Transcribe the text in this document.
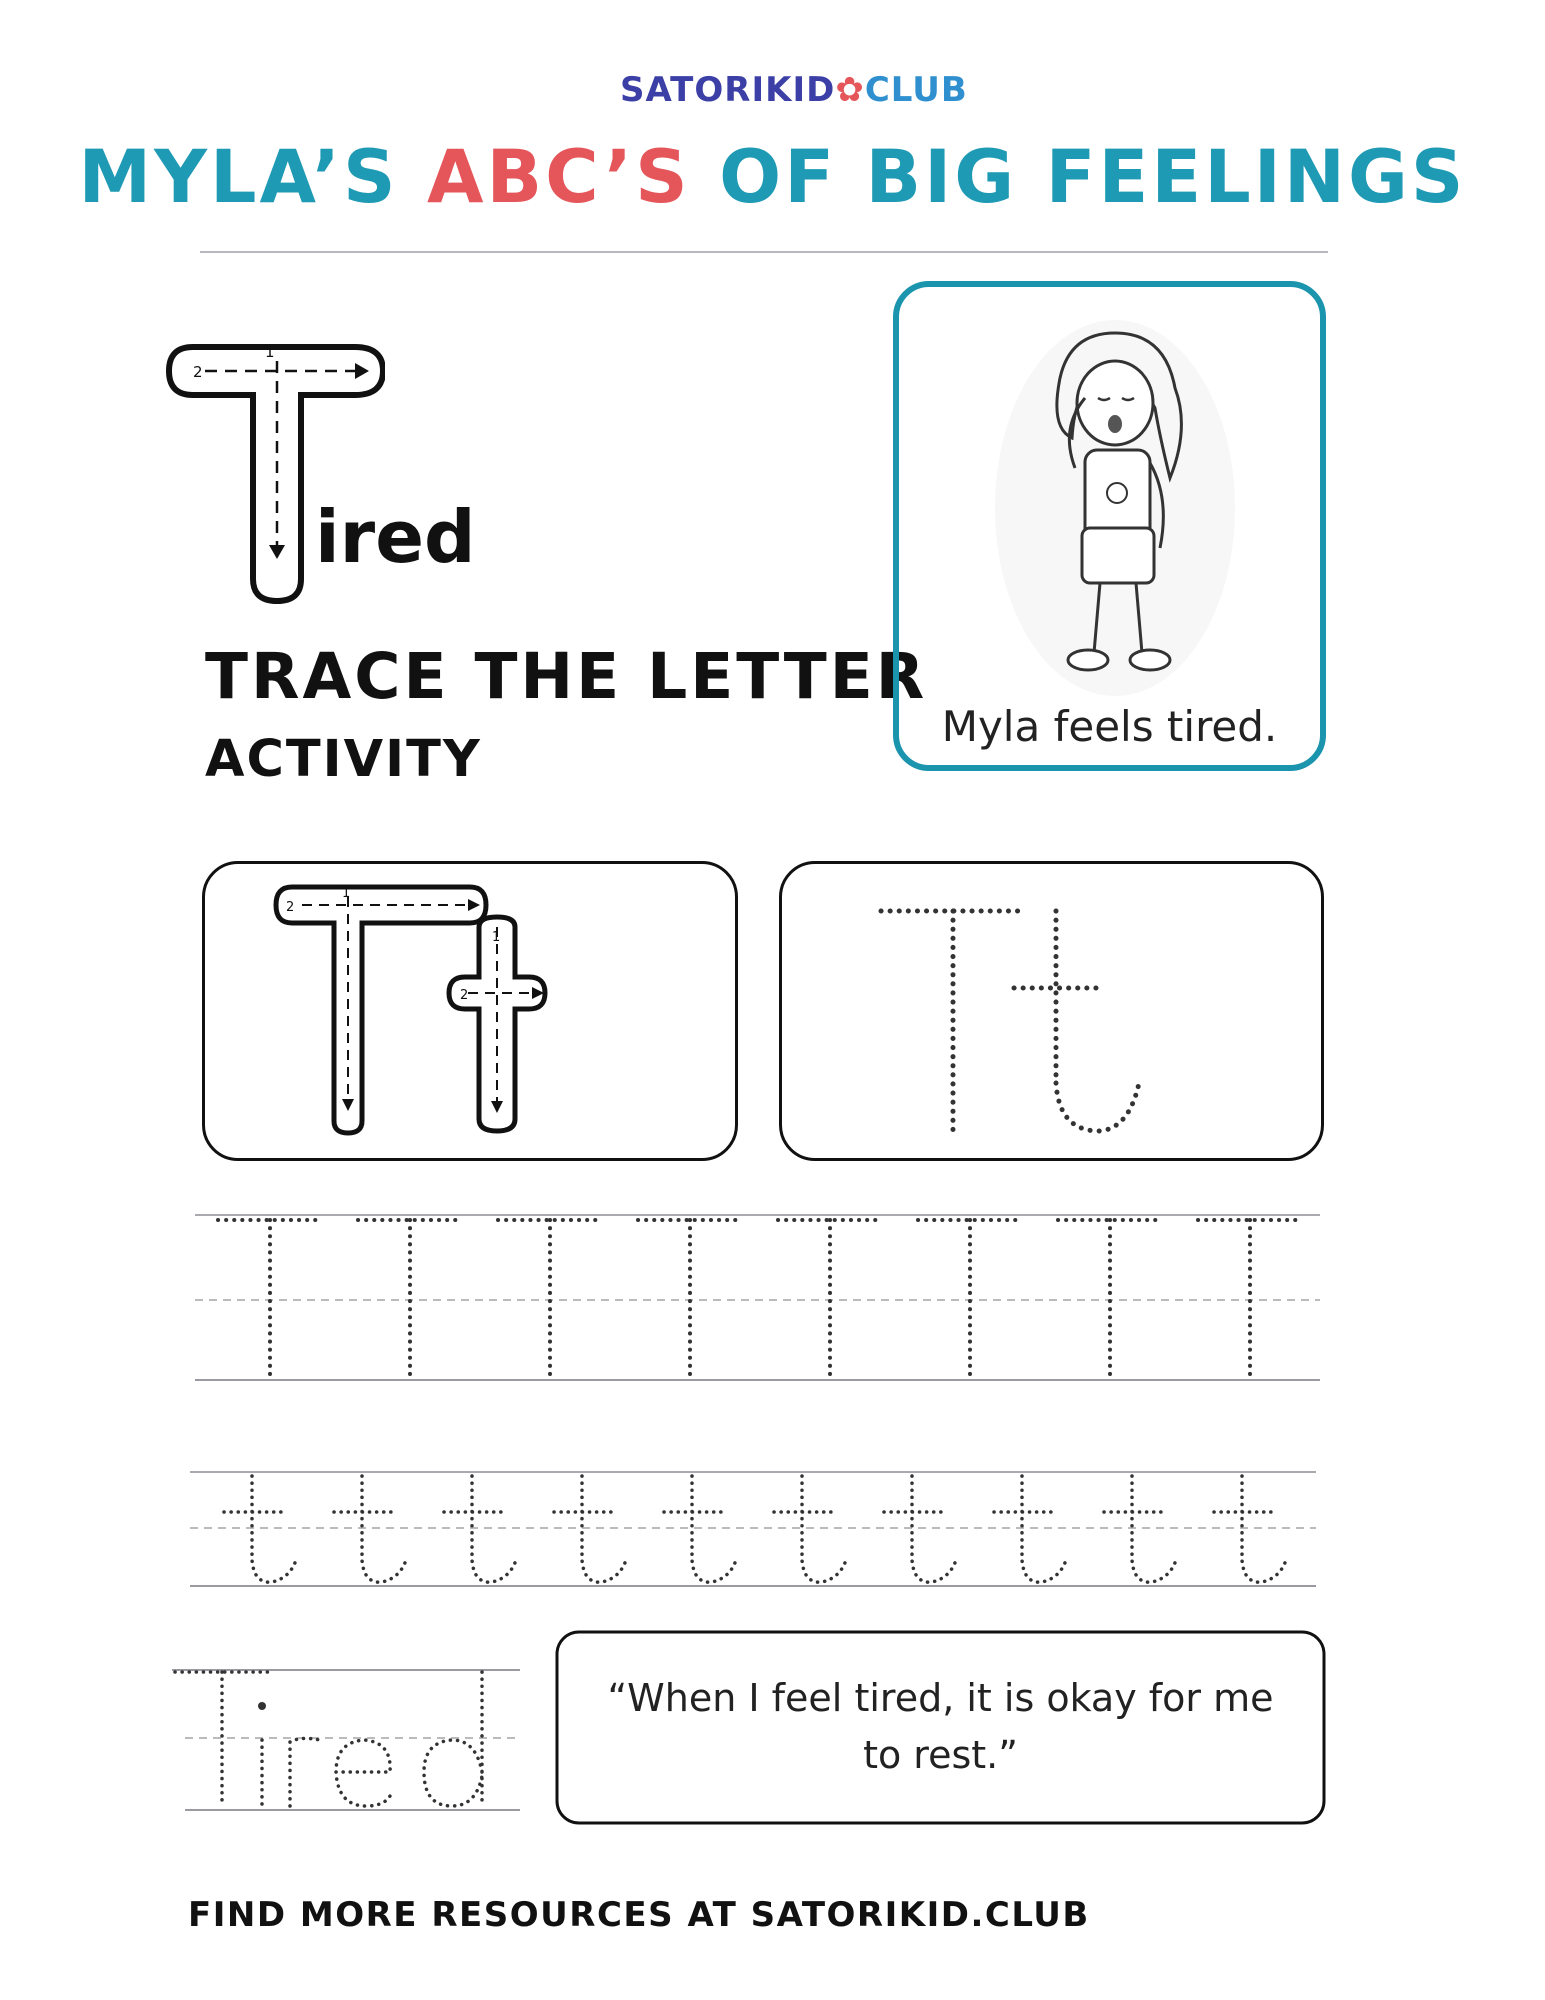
SATORIKID✿CLUB
MYLA’S ABC’S OF BIG FEELINGS
2
1
ired
TRACE THE LETTER
ACTIVITY
Myla feels tired.
2
1
1
2
“When I feel tired, it is okay for me to rest.”
FIND MORE RESOURCES AT SATORIKID.CLUB
